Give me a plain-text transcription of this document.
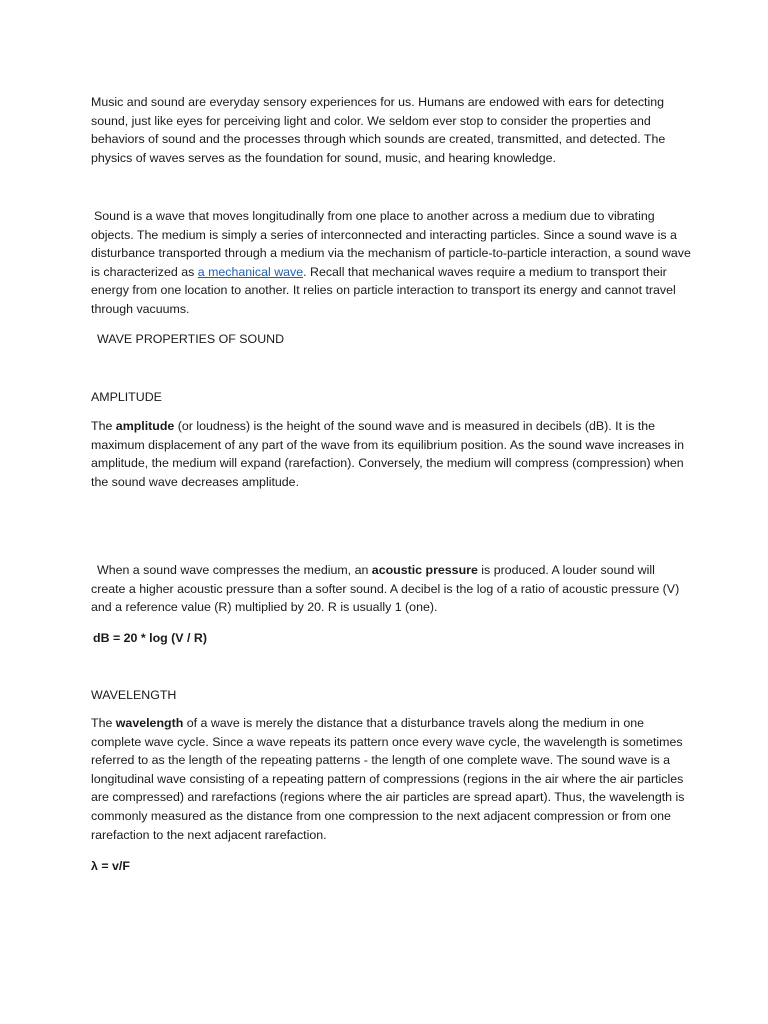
Music and sound are everyday sensory experiences for us. Humans are endowed with ears for detecting sound, just like eyes for perceiving light and color. We seldom ever stop to consider the properties and behaviors of sound and the processes through which sounds are created, transmitted, and detected. The physics of waves serves as the foundation for sound, music, and hearing knowledge.

Sound is a wave that moves longitudinally from one place to another across a medium due to vibrating objects. The medium is simply a series of interconnected and interacting particles. Since a sound wave is a disturbance transported through a medium via the mechanism of particle-to-particle interaction, a sound wave is characterized as a mechanical wave. Recall that mechanical waves require a medium to transport their energy from one location to another. It relies on particle interaction to transport its energy and cannot travel through vacuums.

WAVE PROPERTIES OF SOUND

AMPLITUDE

The amplitude (or loudness) is the height of the sound wave and is measured in decibels (dB). It is the maximum displacement of any part of the wave from its equilibrium position. As the sound wave increases in amplitude, the medium will expand (rarefaction). Conversely, the medium will compress (compression) when the sound wave decreases amplitude.

When a sound wave compresses the medium, an acoustic pressure is produced. A louder sound will create a higher acoustic pressure than a softer sound. A decibel is the log of a ratio of acoustic pressure (V) and a reference value (R) multiplied by 20. R is usually 1 (one).

dB = 20 * log (V / R)

WAVELENGTH

The wavelength of a wave is merely the distance that a disturbance travels along the medium in one complete wave cycle. Since a wave repeats its pattern once every wave cycle, the wavelength is sometimes referred to as the length of the repeating patterns - the length of one complete wave. The sound wave is a longitudinal wave consisting of a repeating pattern of compressions (regions in the air where the air particles are compressed) and rarefactions (regions where the air particles are spread apart). Thus, the wavelength is commonly measured as the distance from one compression to the next adjacent compression or from one rarefaction to the next adjacent rarefaction.

λ = v/F
